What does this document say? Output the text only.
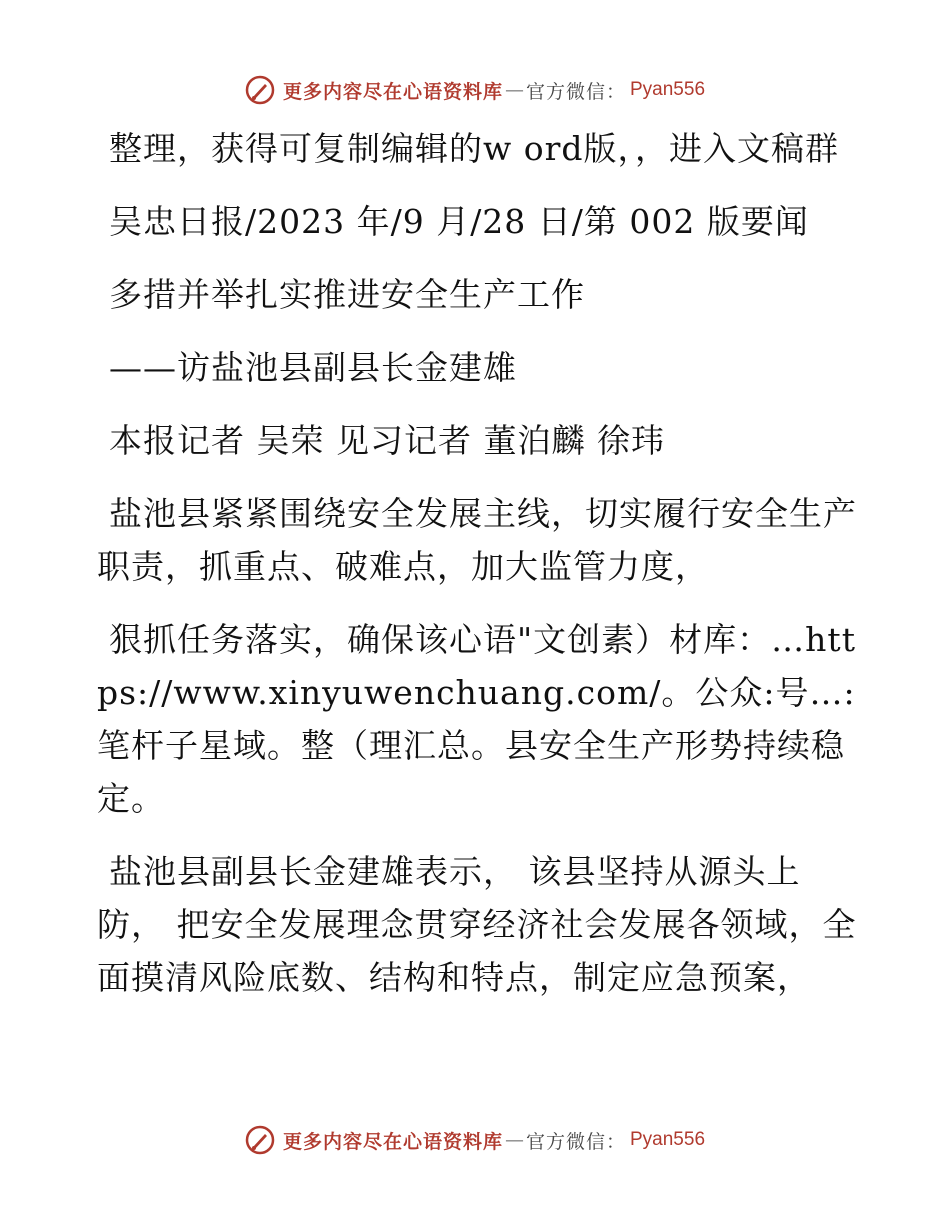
更多内容尽在心语资料库 — 官方微信： Pyan556

整理，获得可复制编辑的w ord版，，进入文稿群

吴忠日报/2023 年/9 月/28 日/第 002 版要闻

多措并举扎实推进安全生产工作

——访盐池县副县长金建雄

本报记者 吴荣 见习记者 董泊麟 徐玮

盐池县紧紧围绕安全发展主线，切实履行安全生产职责，抓重点、破难点，加大监管力度，

狠抓任务落实，确保该心语"文创素）材库：…https://www.xinyuwenchuang.com/。公众:号…:笔杆子星域。整（理汇总。县安全生产形势持续稳定。

盐池县副县长金建雄表示， 该县坚持从源头上防， 把安全发展理念贯穿经济社会发展各领域，全面摸清风险底数、结构和特点，制定应急预案，

更多内容尽在心语资料库 — 官方微信： Pyan556
